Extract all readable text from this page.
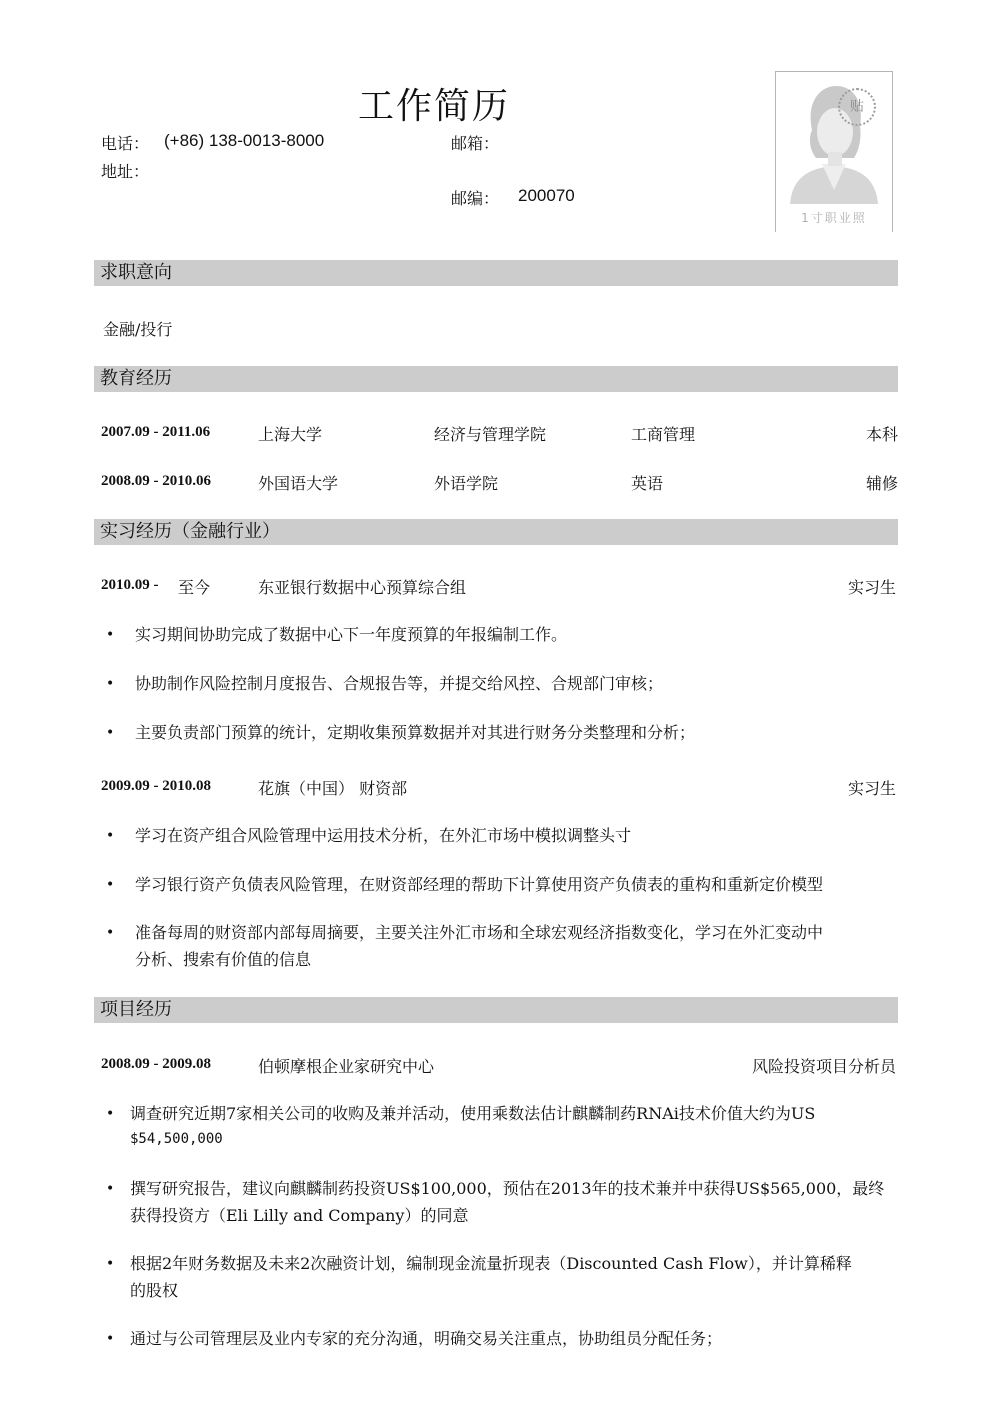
工作简历
电话： (+86) 138-0013-8000	邮箱：
地址：
邮编： 200070
贴
1寸职业照
求职意向
金融/投行
教育经历
2007.09 - 2011.06	上海大学	经济与管理学院	工商管理	本科
2008.09 - 2010.06	外国语大学	外语学院	英语	辅修
实习经历（金融行业）
2010.09 - 至今	东亚银行数据中心预算综合组	实习生
• 实习期间协助完成了数据中心下一年度预算的年报编制工作。
• 协助制作风险控制月度报告、合规报告等，并提交给风控、合规部门审核；
• 主要负责部门预算的统计，定期收集预算数据并对其进行财务分类整理和分析；
2009.09 - 2010.08	花旗（中国） 财资部	实习生
• 学习在资产组合风险管理中运用技术分析，在外汇市场中模拟调整头寸
• 学习银行资产负债表风险管理，在财资部经理的帮助下计算使用资产负债表的重构和重新定价模型
• 准备每周的财资部内部每周摘要，主要关注外汇市场和全球宏观经济指数变化，学习在外汇变动中
分析、搜索有价值的信息
项目经历
2008.09 - 2009.08	伯顿摩根企业家研究中心	风险投资项目分析员
• 调查研究近期7家相关公司的收购及兼并活动，使用乘数法估计麒麟制药RNAi技术价值大约为US
$54,500,000
• 撰写研究报告，建议向麒麟制药投资US$100,000，预估在2013年的技术兼并中获得US$565,000，最终
获得投资方（Eli Lilly and Company）的同意
• 根据2年财务数据及未来2次融资计划，编制现金流量折现表（Discounted Cash Flow），并计算稀释
的股权
• 通过与公司管理层及业内专家的充分沟通，明确交易关注重点，协助组员分配任务；
